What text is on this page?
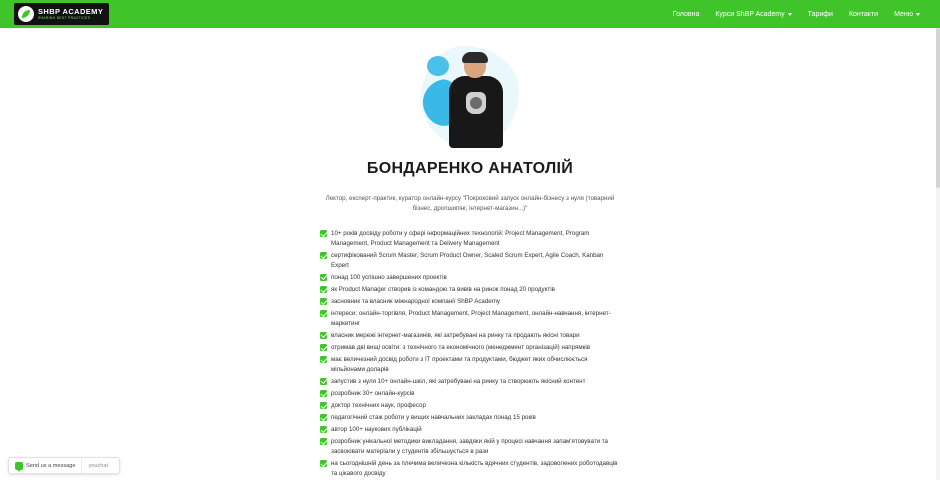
SHBP ACADEMY
SHARING BEST PRACTICES
Головна Курси ShBP Academy	Тарифи Контакти Меню
БОНДАРЕНКО АНАТОЛІЙ

Лектор, експерт-практик, куратор онлайн-курсу "Покроковий запуск онлайн-бізнесу з нуля (товарний бізнес, дропшипінг, інтернет-магазин...)"

10+ років досвіду роботи у сфері інформаційних технологій: Project Management, Program Management, Product Management та Delivery Management
сертифікований Scrum Master, Scrum Product Owner, Scaled Scrum Expert, Agile Coach, Kanban Expert
понад 100 успішно завершених проектів
як Product Manager створив із командою та вивів на ринок понад 20 продуктів
засновник та власник міжнародної компанії ShBP Academy
інтереси: онлайн-торгівля, Product Management, Project Management, онлайн-навчання, інтернет-маркетинг
власник мережі інтернет-магазинів, які затребувані на ринку та продають якісні товари
отримав дві вищі освіти: з технічного та економічного (менеджмент організацій) напрямків
має величезний досвід роботи з ІТ проектами та продуктами, бюджет яких обчислюється мільйонами доларів
запустив з нуля 10+ онлайн-шкіл, які затребувані на ринку та створюють якісний контент
розробник 30+ онлайн-курсів
доктор технічних наук, професор
педагогічний стаж роботи у вищих навчальних закладах понад 15 років
автор 100+ наукових публікацій
розробник унікальної методики викладання, завдяки якій у процесі навчання запам'ятовувати та засвоювати матеріали у студентів збільшується в рази
на сьогоднішній день за плечима величезна кількість вдячних студентів, задоволених роботодавців та цікавого досвіду
Send us a message	youchat
